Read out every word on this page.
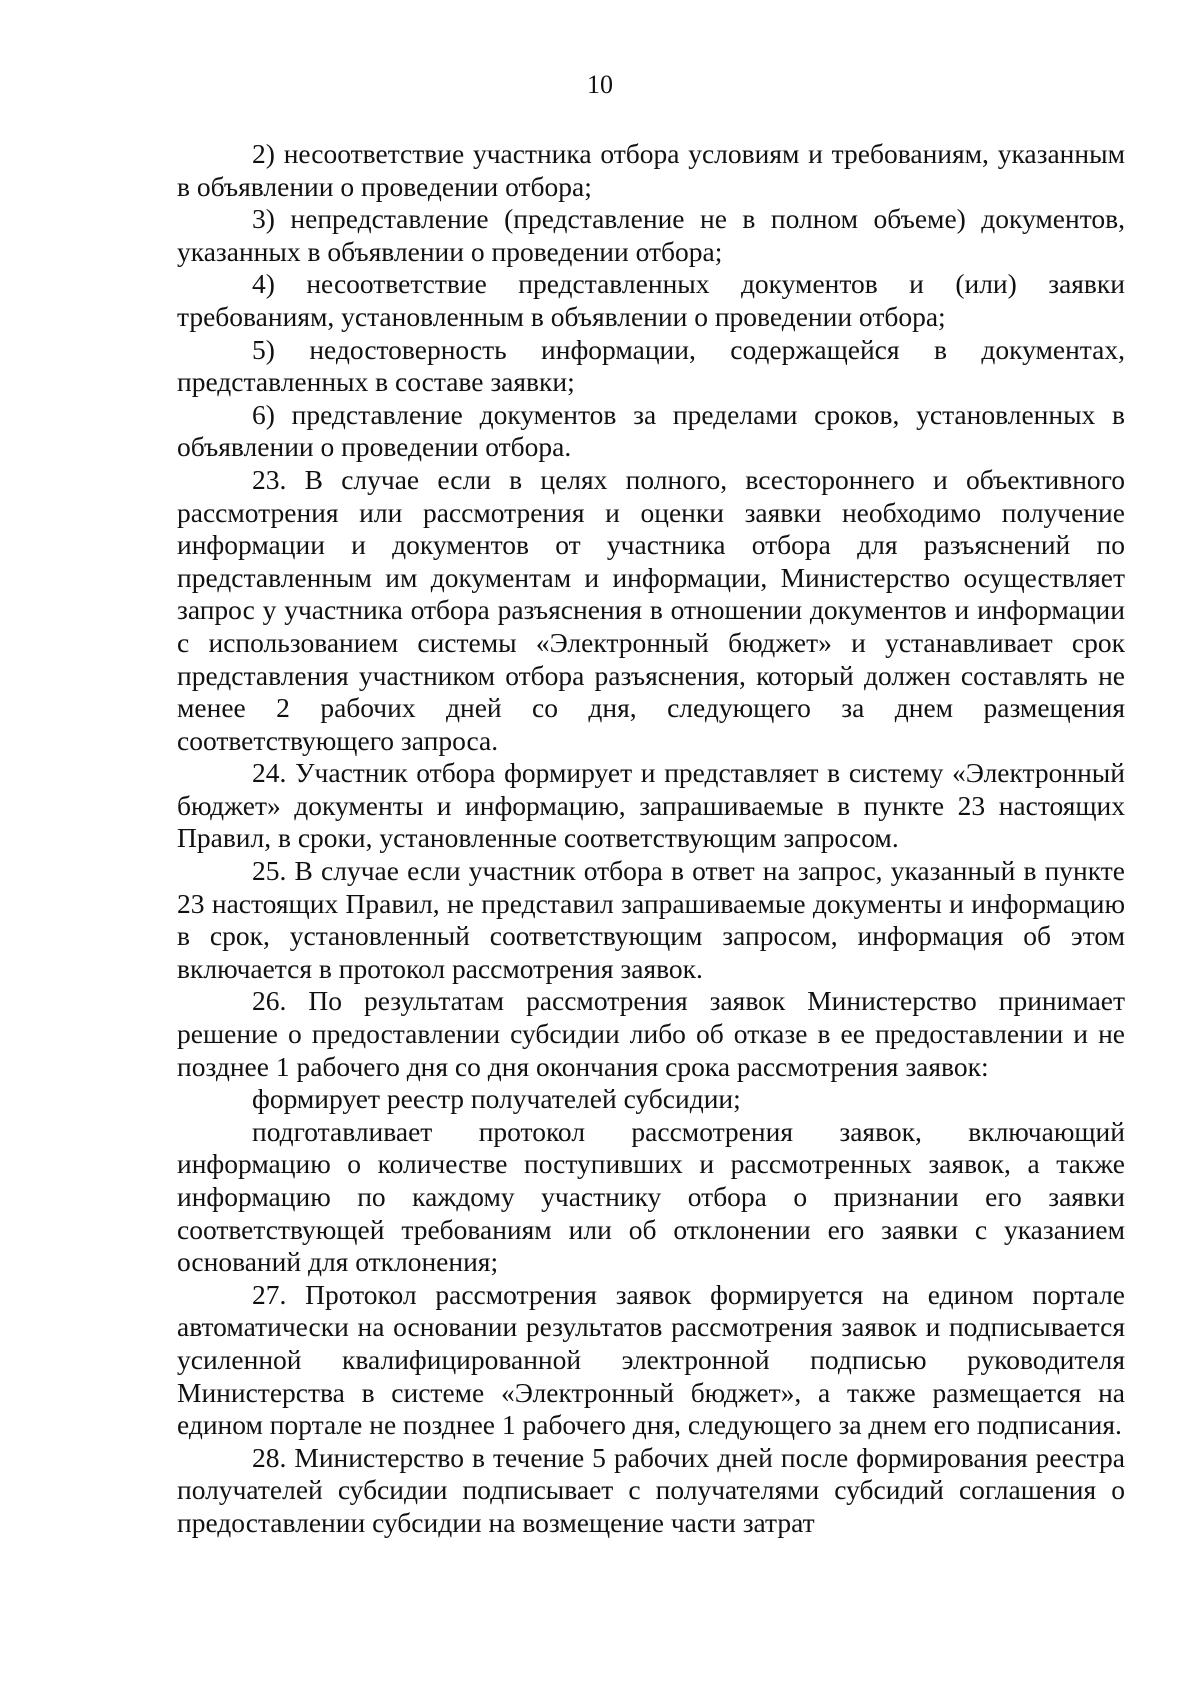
10

2) несоответствие участника отбора условиям и требованиям, указанным в объявлении о проведении отбора;

3) непредставление (представление не в полном объеме) документов, указанных в объявлении о проведении отбора;

4) несоответствие представленных документов и (или) заявки требованиям, установленным в объявлении о проведении отбора;

5) недостоверность информации, содержащейся в документах, представленных в составе заявки;

6) представление документов за пределами сроков, установленных в объявлении о проведении отбора.

23. В случае если в целях полного, всестороннего и объективного рассмотрения или рассмотрения и оценки заявки необходимо получение информации и документов от участника отбора для разъяснений по представленным им документам и информации, Министерство осуществляет запрос у участника отбора разъяснения в отношении документов и информации с использованием системы «Электронный бюджет» и устанавливает срок представления участником отбора разъяснения, который должен составлять не менее 2 рабочих дней со дня, следующего за днем размещения соответствующего запроса.

24. Участник отбора формирует и представляет в систему «Электронный бюджет» документы и информацию, запрашиваемые в пункте 23 настоящих Правил, в сроки, установленные соответствующим запросом.

25. В случае если участник отбора в ответ на запрос, указанный в пункте 23 настоящих Правил, не представил запрашиваемые документы и информацию в срок, установленный соответствующим запросом, информация об этом включается в протокол рассмотрения заявок.

26. По результатам рассмотрения заявок Министерство принимает решение о предоставлении субсидии либо об отказе в ее предоставлении и не позднее 1 рабочего дня со дня окончания срока рассмотрения заявок:

формирует реестр получателей субсидии;

подготавливает протокол рассмотрения заявок, включающий информацию о количестве поступивших и рассмотренных заявок, а также информацию по каждому участнику отбора о признании его заявки соответствующей требованиям или об отклонении его заявки с указанием оснований для отклонения;

27. Протокол рассмотрения заявок формируется на едином портале автоматически на основании результатов рассмотрения заявок и подписывается усиленной квалифицированной электронной подписью руководителя Министерства в системе «Электронный бюджет», а также размещается на едином портале не позднее 1 рабочего дня, следующего за днем его подписания.

28. Министерство в течение 5 рабочих дней после формирования реестра получателей субсидии подписывает с получателями субсидий соглашения о предоставлении субсидии на возмещение части затрат
